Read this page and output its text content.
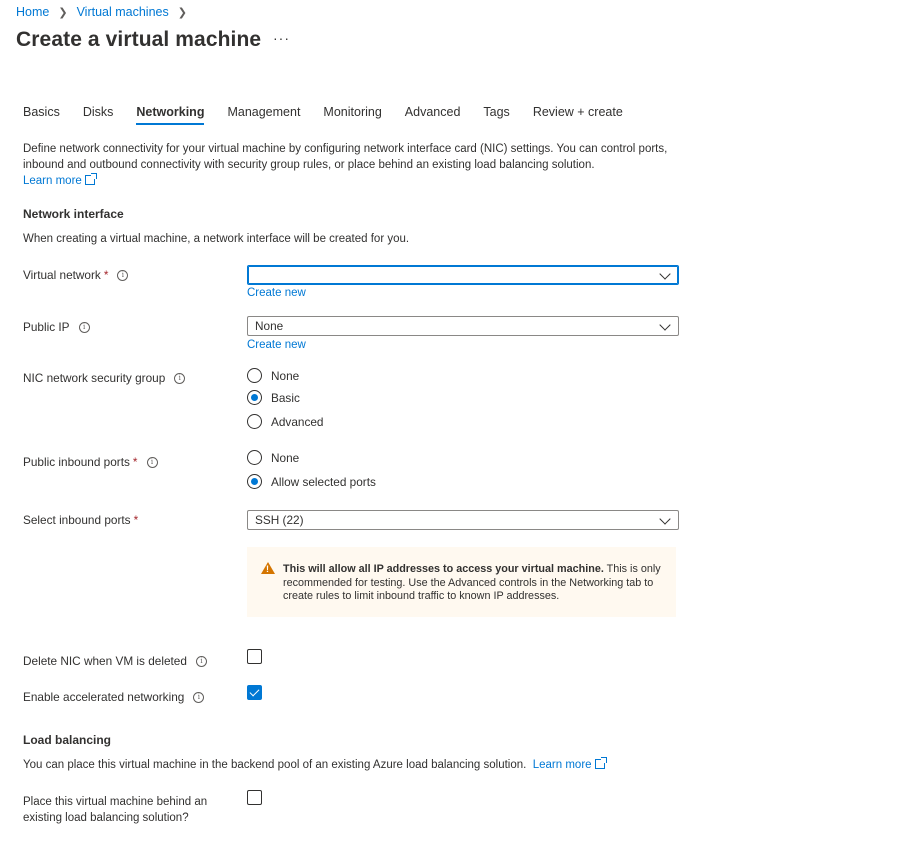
Home ❯ Virtual machines ❯
Create a virtual machine ···
Basics Disks Networking Management Monitoring Advanced Tags Review + create
Define network connectivity for your virtual machine by configuring network interface card (NIC) settings. You can control ports, inbound and outbound connectivity with security group rules, or place behind an existing load balancing solution.
Learn more
Network interface
When creating a virtual machine, a network interface will be created for you.
Virtual network *	i
Create new
Public IP	i	None
Create new
NIC network security group	i	None
Basic
Advanced
Public inbound ports *	i	None
Allow selected ports
Select inbound ports *	SSH (22)
! This will allow all IP addresses to access your virtual machine. This is only recommended for testing. Use the Advanced controls in the Networking tab to create rules to limit inbound traffic to known IP addresses.
Delete NIC when VM is deleted	i
Enable accelerated networking	i
Load balancing
You can place this virtual machine in the backend pool of an existing Azure load balancing solution. Learn more
Place this virtual machine behind an
existing load balancing solution?
